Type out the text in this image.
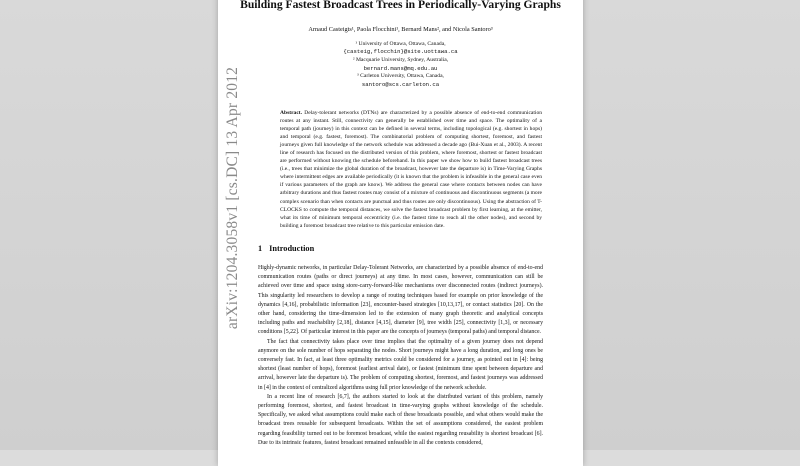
Building Fastest Broadcast Trees in Periodically-Varying Graphs
Arnaud Casteigts¹, Paola Flocchini¹, Bernard Mans², and Nicola Santoro³
¹ University of Ottawa, Ottawa, Canada,
{casteig,flocchin}@site.uottawa.ca
² Macquarie University, Sydney, Australia,
bernard.mans@mq.edu.au
³ Carleton University, Ottawa, Canada,
santoro@scs.carleton.ca
Abstract. Delay-tolerant networks (DTNs) are characterized by a possible absence of end-to-end communication routes at any instant. Still, connectivity can generally be established over time and space. The optimality of a temporal path (journey) in this context can be defined in several terms, including topological (e.g. shortest in hops) and temporal (e.g. fastest, foremost). The combinatorial problem of computing shortest, foremost, and fastest journeys given full knowledge of the network schedule was addressed a decade ago (Bui-Xuan et al., 2003). A recent line of research has focused on the distributed version of this problem, where foremost, shortest or fastest broadcast are performed without knowing the schedule beforehand. In this paper we show how to build fastest broadcast trees (i.e., trees that minimize the global duration of the broadcast, however late the departure is) in Time-Varying Graphs where intermittent edges are available periodically (it is known that the problem is infeasible in the general case even if various parameters of the graph are know). We address the general case where contacts between nodes can have arbitrary durations and thus fastest routes may consist of a mixture of continuous and discontinuous segments (a more complex scenario than when contacts are punctual and thus routes are only discontinuous). Using the abstraction of T-CLOCKS to compute the temporal distances, we solve the fastest broadcast problem by first learning, at the emitter, what its time of minimum temporal eccentricity (i.e. the fastest time to reach all the other nodes), and second by building a foremost broadcast tree relative to this particular emission date.
1 Introduction

Highly-dynamic networks, in particular Delay-Tolerant Networks, are characterized by a possible absence of end-to-end communication routes (paths or direct journeys) at any time. In most cases, however, communication can still be achieved over time and space using store-carry-forward-like mechanisms over disconnected routes (indirect journeys). This singularity led researchers to develop a range of routing techniques based for example on prior knowledge of the dynamics [4,16], probabilistic information [23], encounter-based strategies [10,13,17], or contact statistics [20]. On the other hand, considering the time-dimension led to the extension of many graph theoretic and analytical concepts including paths and reachability [2,18], distance [4,15], diameter [9], tree width [25], connectivity [1,3], or necessary conditions [5,22]. Of particular interest in this paper are the concepts of journeys (temporal paths) and temporal distance.

The fact that connectivity takes place over time implies that the optimality of a given journey does not depend anymore on the sole number of hops separating the nodes. Short journeys might have a long duration, and long ones be conversely fast. In fact, at least three optimality metrics could be considered for a journey, as pointed out in [4]: being shortest (least number of hops), foremost (earliest arrival date), or fastest (minimum time spent between departure and arrival, however late the departure is). The problem of computing shortest, foremost, and fastest journeys was addressed in [4] in the context of centralized algorithms using full prior knowledge of the network schedule.

In a recent line of research [6,7], the authors started to look at the distributed variant of this problem, namely performing foremost, shortest, and fastest broadcast in time-varying graphs without knowledge of the schedule. Specifically, we asked what assumptions could make each of these broadcasts possible, and what others would make the broadcast trees reusable for subsequent broadcasts. Within the set of assumptions considered, the easiest problem regarding feasibility turned out to be foremost broadcast, while the easiest regarding reusability is shortest broadcast [6]. Due to its intrinsic features, fastest broadcast remained unfeasible in all the contexts considered,

arXiv:1204.3058v1 [cs.DC] 13 Apr 2012
